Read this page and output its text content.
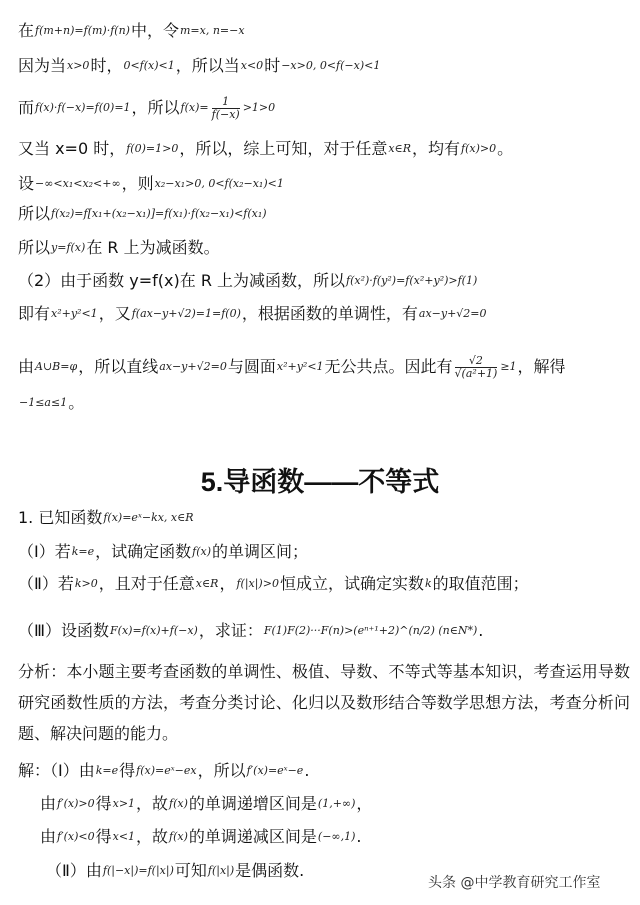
在f(m+n)=f(m)·f(n)中，令m=x, n=−x
因为当x>0时，0<f(x)<1，所以当x<0时−x>0, 0<f(−x)<1
而f(x)·f(−x)=f(0)=1，所以$f(x)= \frac{1}{f(-x)} >1>0$
又当 x=0 时，f(0)=1>0，所以，综上可知，对于任意x∈R，均有f(x)>0。
设−∞<x₁<x₂<+∞，则x₂−x₁>0, 0<f(x₂−x₁)<1
所以f(x₂)=f[x₁+(x₂−x₁)]=f(x₁)·f(x₂−x₁)<f(x₁)
所以y=f(x)在 R 上为减函数。
（2）由于函数 y=f(x)在 R 上为减函数，所以f(x²)·f(y²)=f(x²+y²)>f(1)
即有x²+y²<1，又f(ax−y+√2)=1=f(0)，根据函数的单调性，有ax−y+√2=0
由A∪B=φ，所以直线ax−y+√2=0与圆面x²+y²<1无公共点。因此有 $\frac{√2}{\text{√(a²+1)}} \ge 1$，解得
−1≤a≤1。
5.导函数——不等式
1. 已知函数f(x)=eˣ−kx, x∈R
（Ⅰ）若k=e，试确定函数f(x)的单调区间；
（Ⅱ）若k>0，且对于任意x∈R，f(|x|)>0恒成立，试确定实数k的取值范围；
（Ⅲ）设函数F(x)=f(x)+f(−x)，求证：F(1)F(2)···F(n)>(eⁿ⁺¹+2)^(n/2) (n∈N*).
分析：本小题主要考查函数的单调性、极值、导数、不等式等基本知识，考查运用导数研究函数性质的方法，考查分类讨论、化归以及数形结合等数学思想方法，考查分析问题、解决问题的能力。
解：（Ⅰ）由k=e得f(x)=eˣ−ex，所以f′(x)=eˣ−e.
由f′(x)>0得x>1，故f(x)的单调递增区间是(1,+∞)，
由f′(x)<0得x<1，故f(x)的单调递减区间是(−∞,1).
（Ⅱ）由f(|−x|)=f(|x|)可知f(|x|)是偶函数.
头条 @中学教育研究工作室
